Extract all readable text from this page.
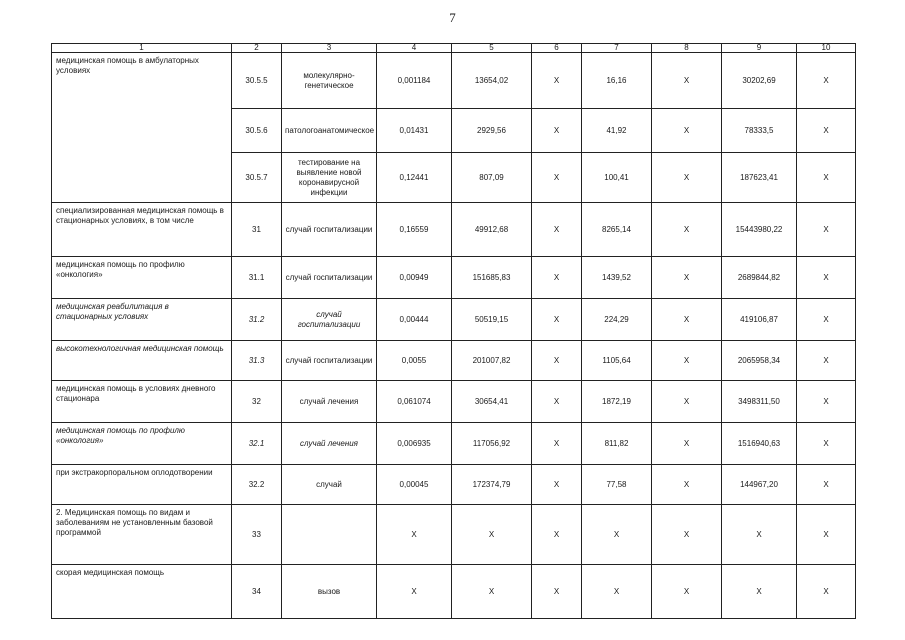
7
1	2	3	4	5	6	7	8	9	10
медицинская помощь в амбулаторных условиях	30.5.5	молекулярно-генетическое	0,001184	13654,02	Х	16,16	Х	30202,69	Х
	30.5.6	патологоанатомическое	0,01431	2929,56	Х	41,92	Х	78333,5	Х
	30.5.7	тестирование на выявление новой коронавирусной инфекции	0,12441	807,09	Х	100,41	Х	187623,41	Х
специализированная медицинская помощь в стационарных условиях, в том числе	31	случай госпитализации	0,16559	49912,68	Х	8265,14	Х	15443980,22	Х
медицинская помощь по профилю «онкология»	31.1	случай госпитализации	0,00949	151685,83	Х	1439,52	Х	2689844,82	Х
медицинская реабилитация в стационарных условиях	31.2	случай госпитализации	0,00444	50519,15	Х	224,29	Х	419106,87	Х
высокотехнологичная медицинская помощь	31.3	случай госпитализации	0,0055	201007,82	Х	1105,64	Х	2065958,34	Х
медицинская помощь в условиях дневного стационара	32	случай лечения	0,061074	30654,41	Х	1872,19	Х	3498311,50	Х
медицинская помощь по профилю «онкология»	32.1	случай лечения	0,006935	117056,92	Х	811,82	Х	1516940,63	Х
при экстракорпоральном оплодотворении	32.2	случай	0,00045	172374,79	Х	77,58	Х	144967,20	Х
2. Медицинская помощь по видам и заболеваниям не установленным базовой программой	33		Х	Х	Х	Х	Х	Х	Х
скорая медицинская помощь	34	вызов	Х	Х	Х	Х	Х	Х	Х
